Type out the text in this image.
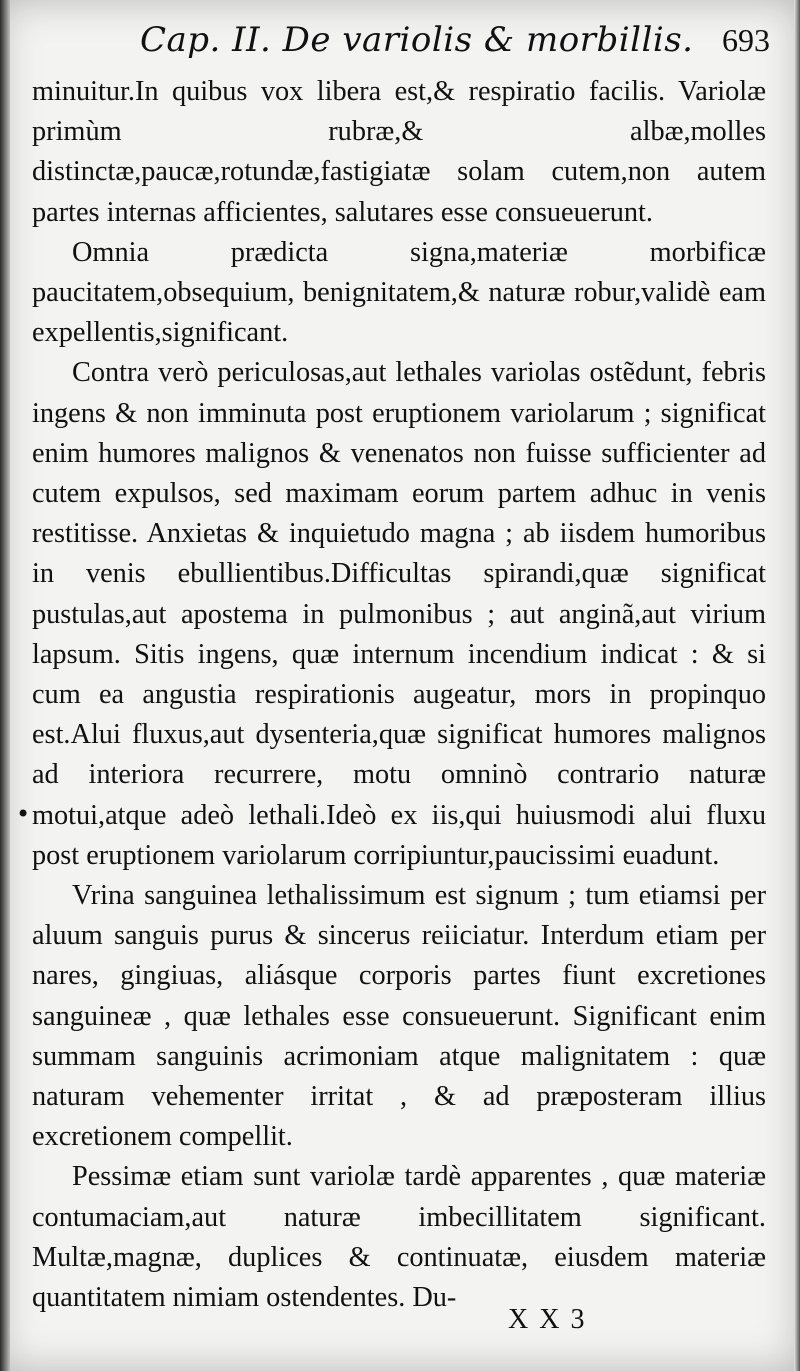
Cap. II. De variolis & morbillis. 693

minuitur.In quibus vox libera est,& respiratio facilis. Variolæ primùm rubræ,& albæ,molles distinctæ,paucæ,rotundæ,fastigiatæ solam cutem,non autem partes internas afficientes, salutares esse consueuerunt.

Omnia prædicta signa,materiæ morbificæ paucitatem,obsequium, benignitatem,& naturæ robur,validè eam expellentis,significant.

Contra verò periculosas,aut lethales variolas ostẽdunt, febris ingens & non imminuta post eruptionem variolarum ; significat enim humores malignos & venenatos non fuisse sufficienter ad cutem expulsos, sed maximam eorum partem adhuc in venis restitisse. Anxietas & inquietudo magna ; ab iisdem humoribus in venis ebullientibus.Difficultas spirandi,quæ significat pustulas,aut apostema in pulmonibus ; aut anginã,aut virium lapsum. Sitis ingens, quæ internum incendium indicat : & si cum ea angustia respirationis augeatur, mors in propinquo est.Alui fluxus,aut dysenteria,quæ significat humores malignos ad interiora recurrere, motu omninò contrario naturæ motui,atque adeò lethali.Ideò ex iis,qui huiusmodi alui fluxu post eruptionem variolarum corripiuntur,paucissimi euadunt.

Vrina sanguinea lethalissimum est signum ; tum etiamsi per aluum sanguis purus & sincerus reiiciatur. Interdum etiam per nares, gingiuas, aliásque corporis partes fiunt excretiones sanguineæ , quæ lethales esse consueuerunt. Significant enim summam sanguinis acrimoniam atque malignitatem : quæ naturam vehementer irritat , & ad præposteram illius excretionem compellit.

Pessimæ etiam sunt variolæ tardè apparentes , quæ materiæ contumaciam,aut naturæ imbecillitatem significant. Multæ,magnæ, duplices & continuatæ, eiusdem materiæ quantitatem nimiam ostendentes. Du-

•
X X 3
